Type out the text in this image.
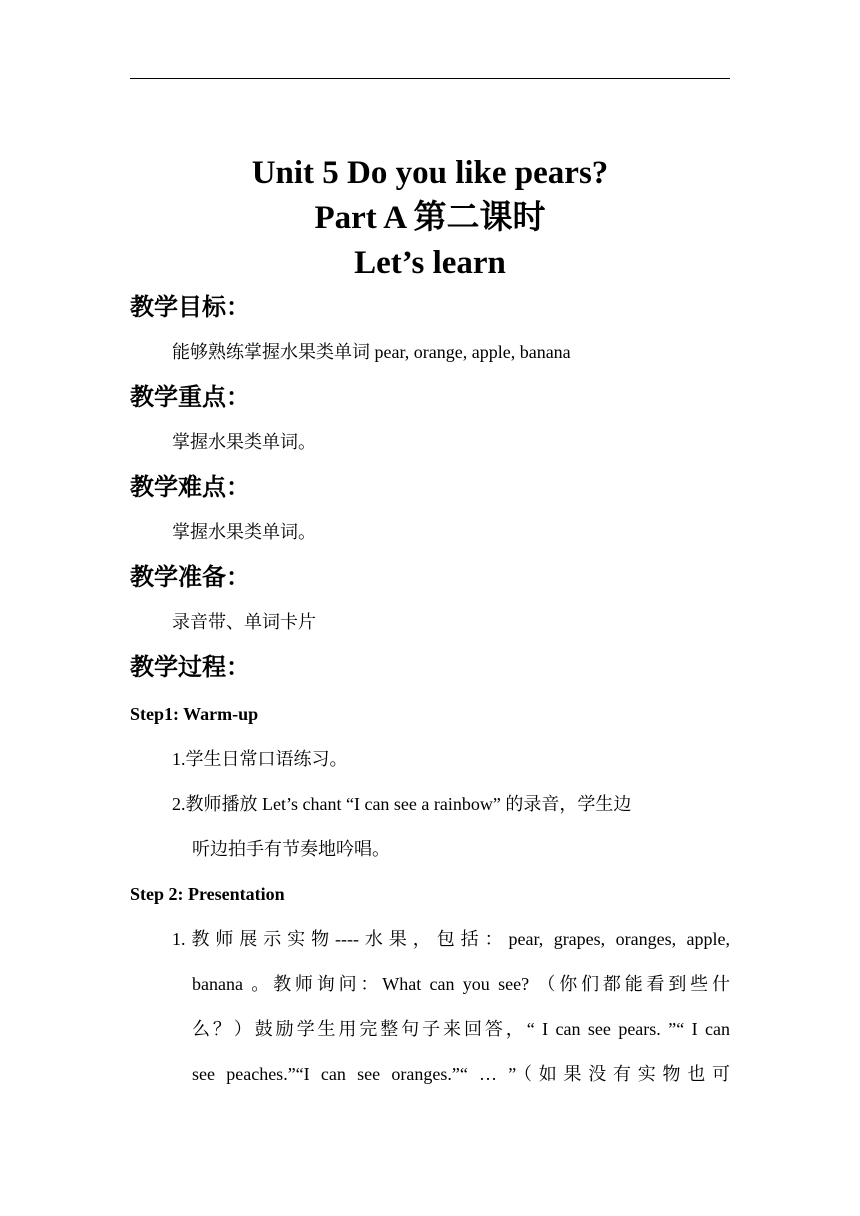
Unit 5 Do you like pears?
Part A 第二课时
Let’s learn
教学目标：
能够熟练掌握水果类单词 pear, orange, apple, banana
教学重点：
掌握水果类单词。
教学难点：
掌握水果类单词。
教学准备：
录音带、单词卡片
教学过程：
Step1: Warm-up
1.学生日常口语练习。
2.教师播放 Let’s chant “I can see a rainbow” 的录音，学生边
听边拍手有节奏地吟唱。
Step 2: Presentation
1.教师展示实物----水果，包括：pear, grapes, oranges, apple,
banana 。教师询问：What can you see? （你们都能看到些什
么？）鼓励学生用完整句子来回答，“ I can see pears. ”“ I can
see peaches.”“I can see oranges.”“ … ”（如果没有实物也可
